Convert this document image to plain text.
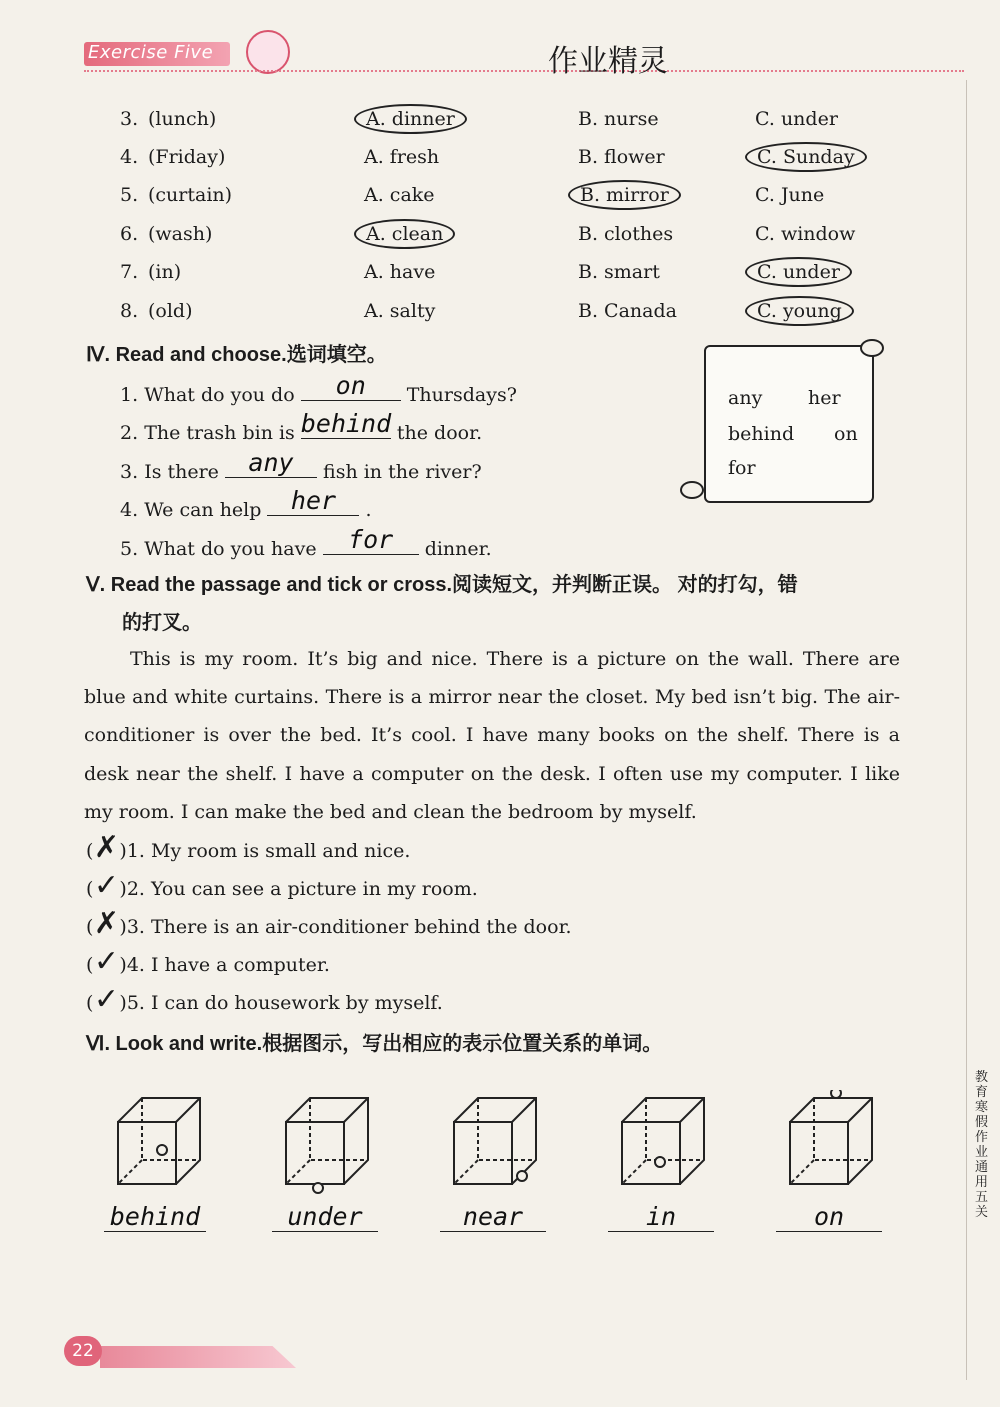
Exercise Five	作业精灵
教育 寒假作业 通用五关
3. (lunch)	A. dinner	B. nurse	C. under
4. (Friday)	A. fresh	B. flower	C. Sunday
5. (curtain)	A. cake	B. mirror	C. June
6. (wash)	A. clean	B. clothes	C. window
7. (in)	A. have	B. smart	C. under
8. (old)	A. salty	B. Canada	C. young
Ⅳ. Read and choose.选词填空。
any her
behind on
for
1. What do you do	on	Thursdays?
2. The trash bin is behind the door.
3. Is there	any	fish in the river?
4. We can help	her	.
5. What do you have	for	dinner.
Ⅴ. Read the passage and tick or cross.阅读短文，并判断正误。 对的打勾，错
的打叉。

This is my room. It’s big and nice. There is a picture on the wall. There are blue and white curtains. There is a mirror near the closet. My bed isn’t big. The air-conditioner is over the bed. It’s cool. I have many books on the shelf. There is a desk near the shelf. I have a computer on the desk. I often use my computer. I like my room. I can make the bed and clean the bedroom by myself.

(✗)1. My room is small and nice.
(✓)2. You can see a picture in my room.
(✗)3. There is an air-conditioner behind the door.
(✓)4. I have a computer.
(✓)5. I can do housework by myself.
Ⅵ. Look and write.根据图示，写出相应的表示位置关系的单词。
behind	under	near	in	on
22
